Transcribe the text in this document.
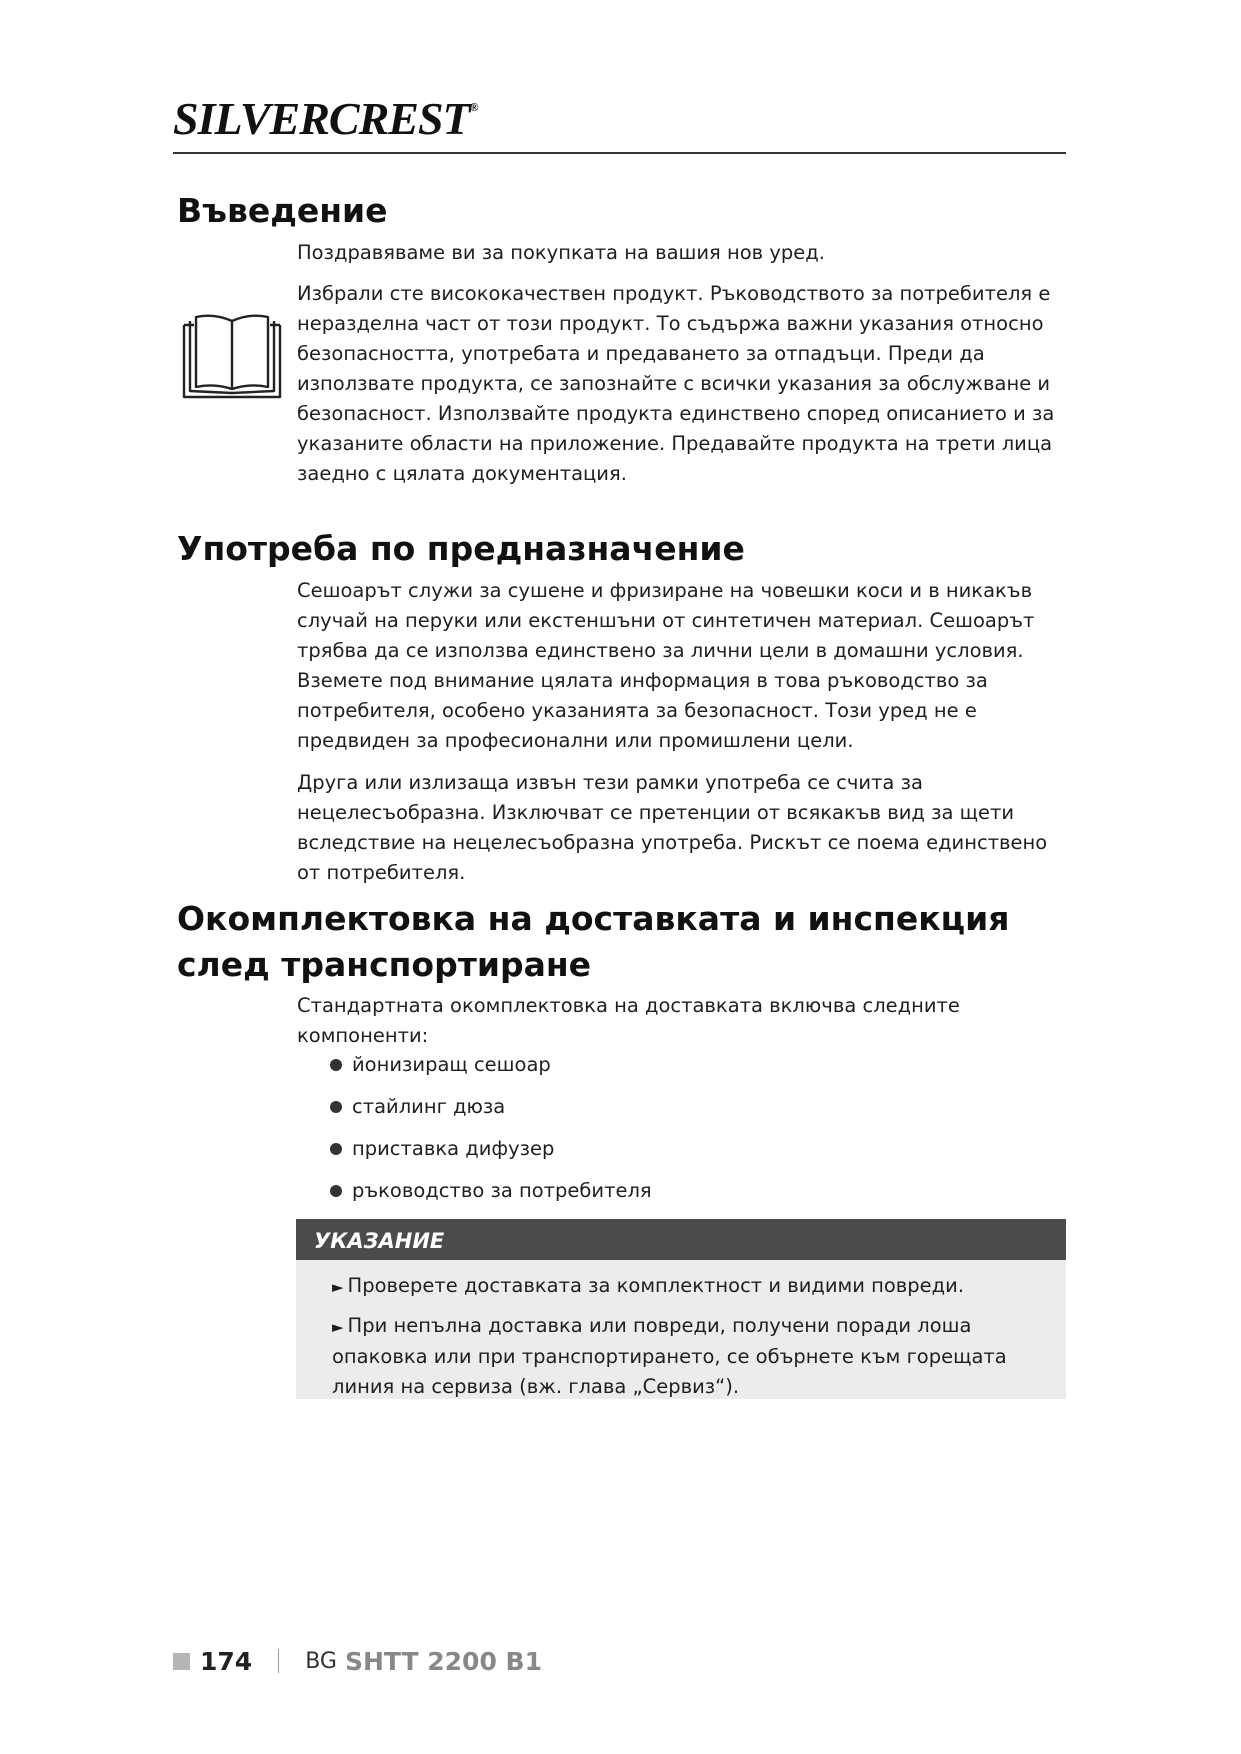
SILVERCREST®
Въведение

Поздравяваме ви за покупката на вашия нов уред.

Избрали сте висококачествен продукт. Ръководството за потребителя е неразделна част от този продукт. То съдържа важни указания относно безопасността, употребата и предаването за отпадъци. Преди да използвате продукта, се запознайте с всички указания за обслужване и безопасност. Използвайте продукта единствено според описанието и за указаните области на приложение. Предавайте продукта на трети лица заедно с цялата документация.

Употреба по предназначение

Сешоарът служи за сушене и фризиране на човешки коси и в никакъв случай на перуки или екстеншъни от синтетичен материал. Сешоарът трябва да се използва единствено за лични цели в домашни условия. Вземете под внимание цялата информация в това ръководство за потребителя, особено указанията за безопасност. Този уред не е предвиден за професионални или промишлени цели.

Друга или излизаща извън тези рамки употреба се счита за нецелесъобразна. Изключват се претенции от всякакъв вид за щети вследствие на нецелесъобразна употреба. Рискът се поема единствено от потребителя.

Окомплектовка на доставката и инспекция
след транспортиране

Стандартната окомплектовка на доставката включва следните компоненти:

йонизиращ сешоар
стайлинг дюза
приставка дифузер
ръководство за потребителя
УКАЗАНИЕ

► Проверете доставката за комплектност и видими повреди.

► При непълна доставка или повреди, получени поради лоша опаковка или при транспортирането, се обърнете към горещата линия на сервиза (вж. глава „Сервиз“).

174 BG SHTT 2200 B1
